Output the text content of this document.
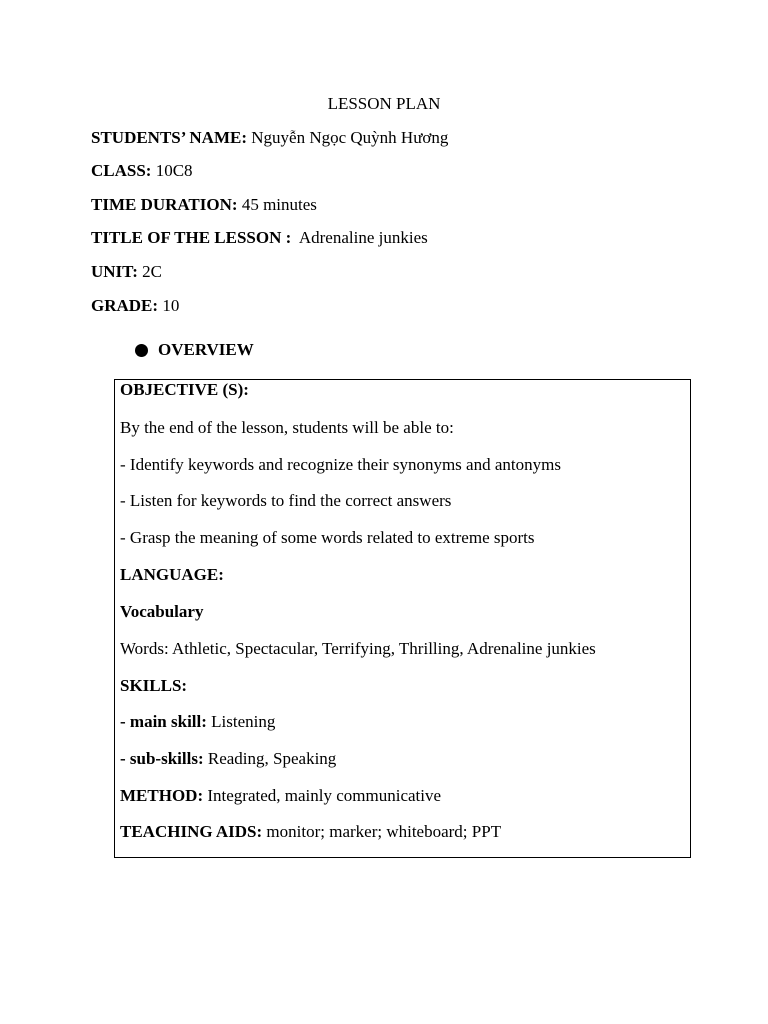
LESSON PLAN
STUDENTS’ NAME: Nguyễn Ngọc Quỳnh Hương
CLASS: 10C8
TIME DURATION: 45 minutes
TITLE OF THE LESSON :  Adrenaline junkies
UNIT: 2C
GRADE: 10
OVERVIEW
OBJECTIVE (S):
By the end of the lesson, students will be able to:
- Identify keywords and recognize their synonyms and antonyms
- Listen for keywords to find the correct answers
- Grasp the meaning of some words related to extreme sports
LANGUAGE:
Vocabulary
Words: Athletic, Spectacular, Terrifying, Thrilling, Adrenaline junkies
SKILLS:
- main skill: Listening
- sub-skills: Reading, Speaking
METHOD: Integrated, mainly communicative
TEACHING AIDS: monitor; marker; whiteboard; PPT
